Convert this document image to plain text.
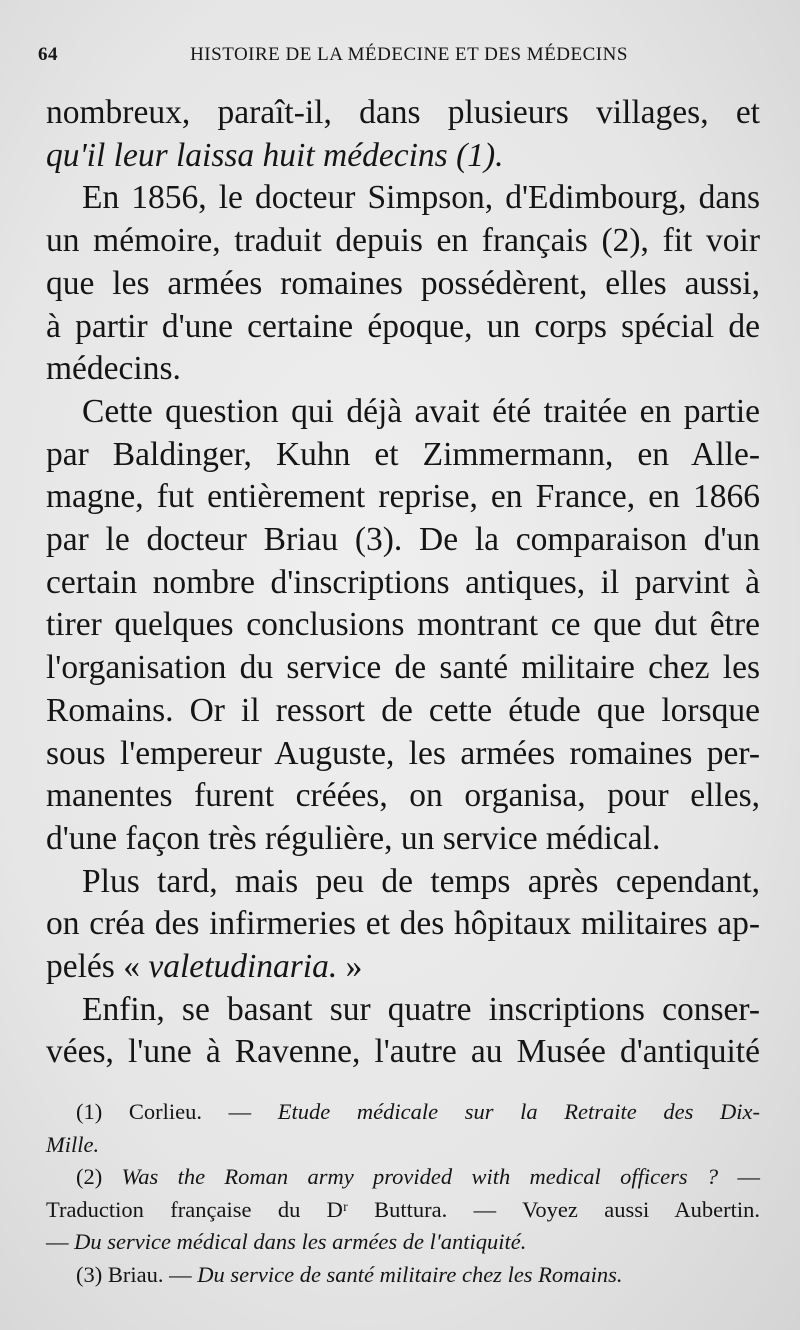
64	HISTOIRE DE LA MÉDECINE ET DES MÉDECINS
nombreux, paraît-il, dans plusieurs villages, et
qu'il leur laissa huit médecins (1).
En 1856, le docteur Simpson, d'Edimbourg, dans
un mémoire, traduit depuis en français (2), fit voir
que les armées romaines possédèrent, elles aussi,
à partir d'une certaine époque, un corps spécial de
médecins.
Cette question qui déjà avait été traitée en partie
par Baldinger, Kuhn et Zimmermann, en Alle-
magne, fut entièrement reprise, en France, en 1866
par le docteur Briau (3). De la comparaison d'un
certain nombre d'inscriptions antiques, il parvint à
tirer quelques conclusions montrant ce que dut être
l'organisation du service de santé militaire chez les
Romains. Or il ressort de cette étude que lorsque
sous l'empereur Auguste, les armées romaines per-
manentes furent créées, on organisa, pour elles,
d'une façon très régulière, un service médical.
Plus tard, mais peu de temps après cependant,
on créa des infirmeries et des hôpitaux militaires ap-
pelés « valetudinaria. »
Enfin, se basant sur quatre inscriptions conser-
vées, l'une à Ravenne, l'autre au Musée d'antiquité
(1) Corlieu. — Etude médicale sur la Retraite des Dix-
Mille.
(2) Was the Roman army provided with medical officers ? —
Traduction française du Dʳ Buttura. — Voyez aussi Aubertin.
— Du service médical dans les armées de l'antiquité.
(3) Briau. — Du service de santé militaire chez les Romains.
